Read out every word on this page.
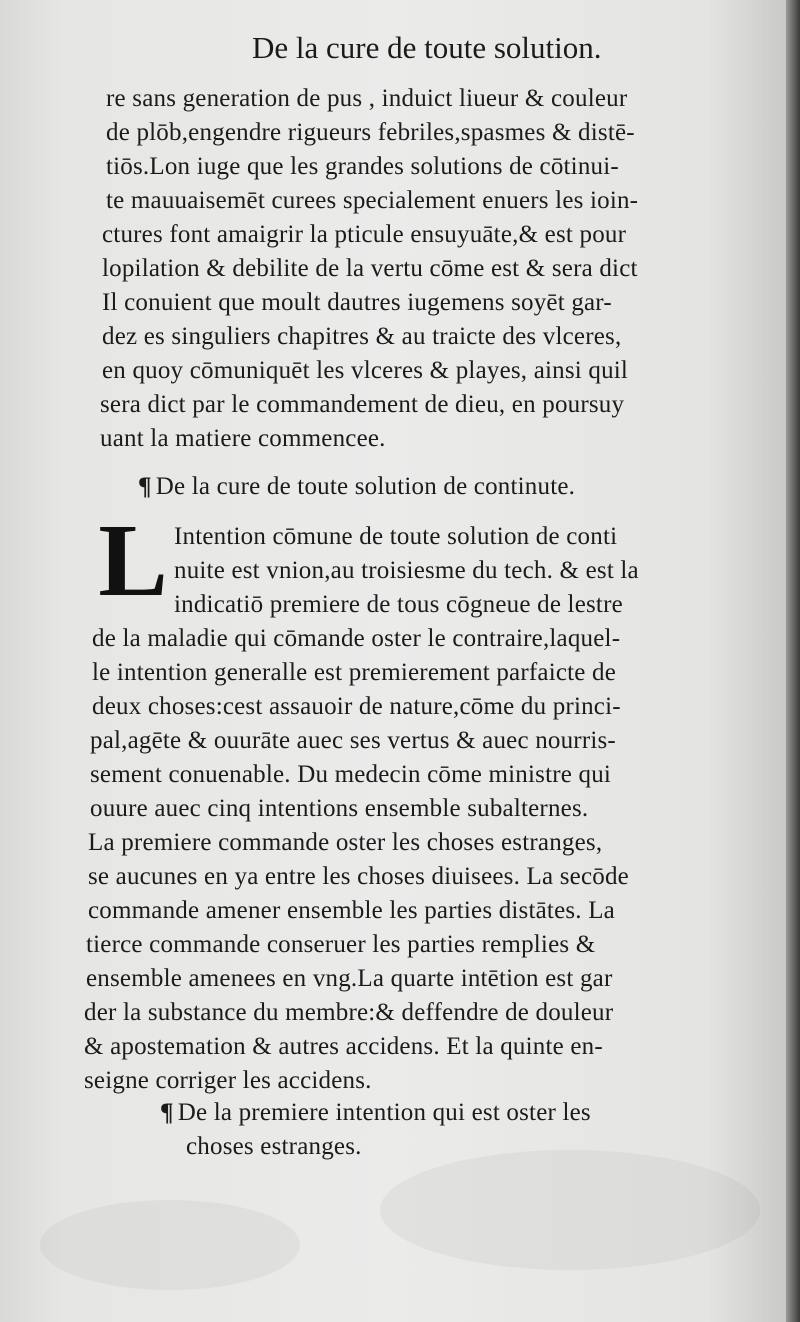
De la cure de toute solution.
re sans generation de pus , induict liueur & couleur
de plōb,engendre rigueurs febriles,spasmes & distē-
tiōs.Lon iuge que les grandes solutions de cōtinui-
te mauuaisemēt curees specialement enuers les ioin-
ctures font amaigrir la pticule ensuyuāte,& est pour
lopilation & debilite de la vertu cōme est & sera dict
Il conuient que moult dautres iugemens soyēt gar-
dez es singuliers chapitres & au traicte des vlceres,
en quoy cōmuniquēt les vlceres & playes, ainsi quil
sera dict par le commandement de dieu, en poursuy
uant la matiere commencee.
¶ De la cure de toute solution de continute.
L Intention cōmune de toute solution de conti
nuite est vnion,au troisiesme du tech. & est la
indicatiō premiere de tous cōgneue de lestre
de la maladie qui cōmande oster le contraire,laquel-
le intention generalle est premierement parfaicte de
deux choses:cest assauoir de nature,cōme du princi-
pal,agēte & ouurāte auec ses vertus & auec nourris-
sement conuenable. Du medecin cōme ministre qui
ouure auec cinq intentions ensemble subalternes.
La premiere commande oster les choses estranges,
se aucunes en ya entre les choses diuisees. La secōde
commande amener ensemble les parties distātes. La
tierce commande conseruer les parties remplies &
ensemble amenees en vng.La quarte intētion est gar
der la substance du membre:& deffendre de douleur
& apostemation & autres accidens. Et la quinte en-
seigne corriger les accidens.
¶ De la premiere intention qui est oster les
choses estranges.
